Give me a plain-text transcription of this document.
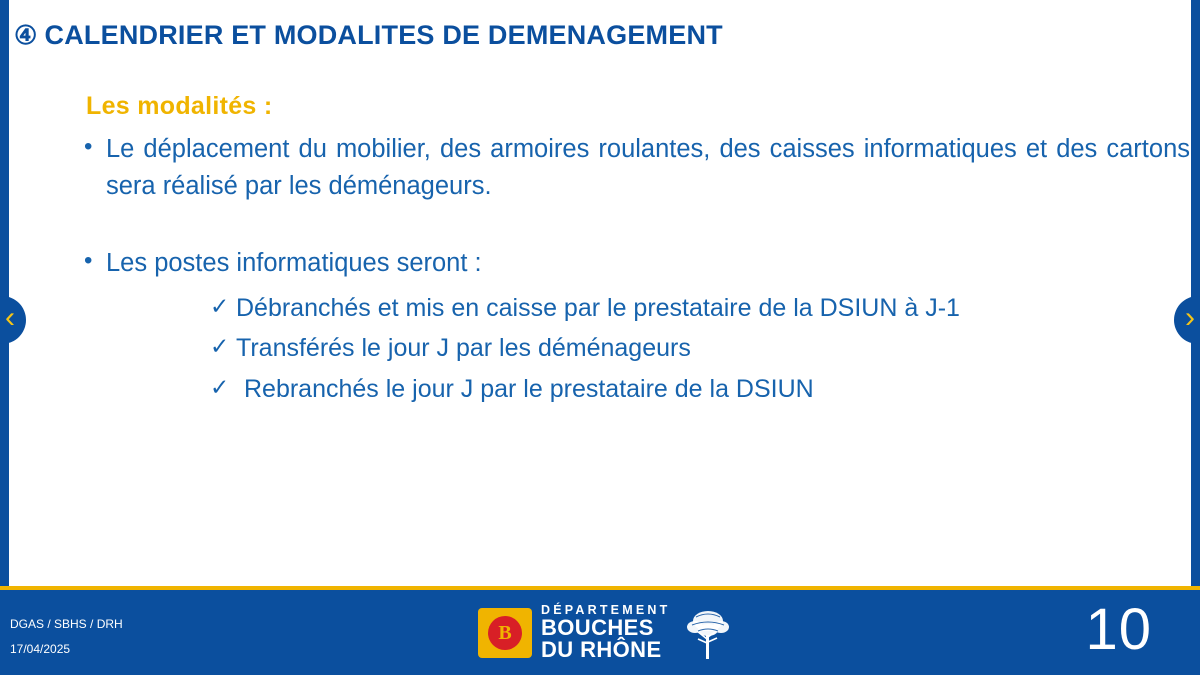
‹	›
④ CALENDRIER ET MODALITES DE DEMENAGEMENT
Les modalités :
• Le déplacement du mobilier, des armoires roulantes, des caisses informatiques et des cartons sera réalisé par les déménageurs.
• Les postes informatiques seront :
✓ Débranchés et mis en caisse par le prestataire de la DSIUN à J-1
✓ Transférés le jour J par les déménageurs
✓ Rebranchés le jour J par le prestataire de la DSIUN
DGAS / SBHS / DRH
17/04/2025
B
DÉPARTEMENT
BOUCHES
DU RHÔNE	10
